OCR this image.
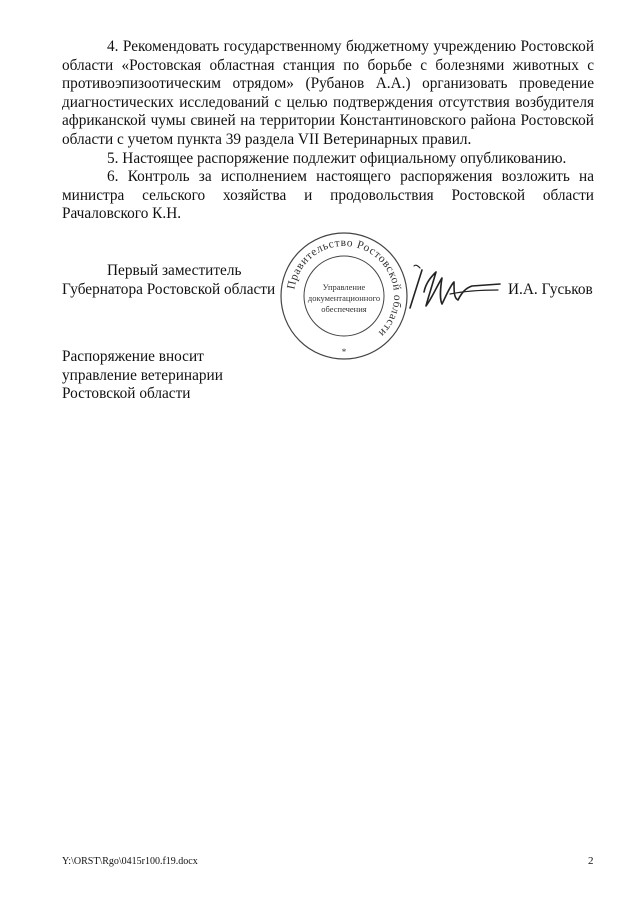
4. Рекомендовать государственному бюджетному учреждению Ростовской области «Ростовская областная станция по борьбе с болезнями животных с противоэпизоотическим отрядом» (Рубанов А.А.) организовать проведение диагностических исследований с целью подтверждения отсутствия возбудителя африканской чумы свиней на территории Константиновского района Ростовской области с учетом пункта 39 раздела VII Ветеринарных правил.

5. Настоящее распоряжение подлежит официальному опубликованию.

6. Контроль за исполнением настоящего распоряжения возложить на министра сельского хозяйства и продовольствия Ростовской области Рачаловского К.Н.

Первый заместитель
Губернатора Ростовской области Правительство Ростовской области
Управление
документационного
обеспечения
*
И.А. Гуськов
Распоряжение вносит
управление ветеринарии
Ростовской области
Y:\ORST\Rgo\0415r100.f19.docx	2
